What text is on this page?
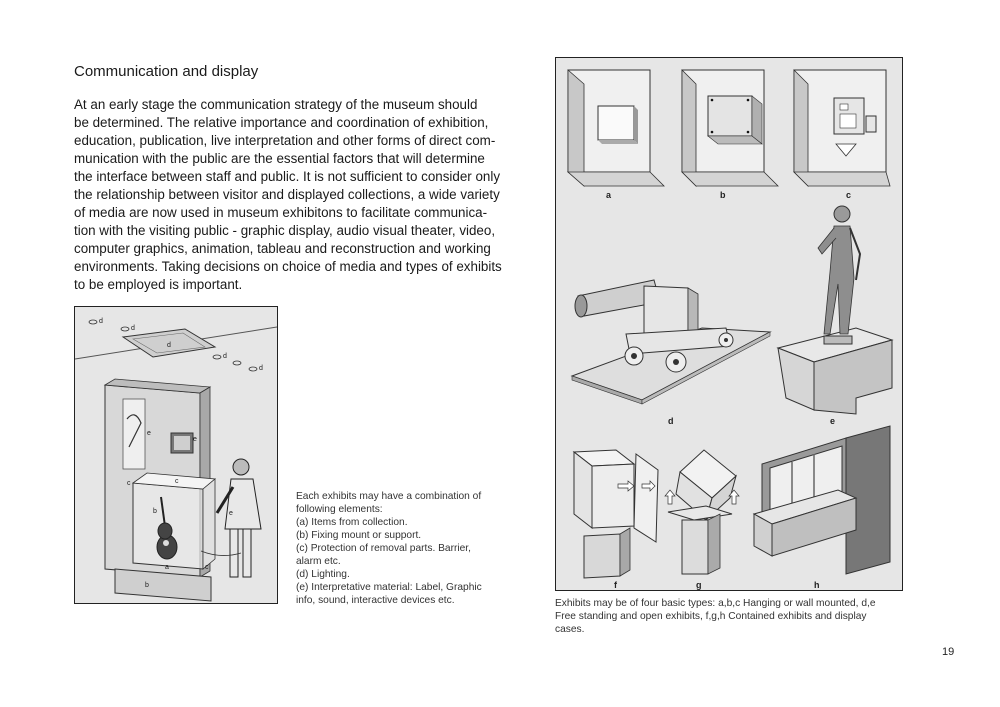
Communication and display

At an early stage the communication strategy of the museum should
be determined. The relative importance and coordination of exhibition,
education, publication, live interpretation and other forms of direct com-
munication with the public are the essential factors that will determine
the interface between staff and public. It is not sufficient to consider only
the relationship between visitor and displayed collections, a wide variety
of media are now used in museum exhibitons to facilitate communica-
tion with the visiting public - graphic display, audio visual theater, video,
computer graphics, animation, tableau and reconstruction and working
environments. Taking decisions on choice of media and types of exhibits
to be employed is important.

d
d
d
d
d
e
e
c	c
b
a
b
e
c

Each exhibits may have a combination of
following elements:
(a) Items from collection.
(b) Fixing mount or support.
(c) Protection of removal parts. Barrier,
alarm etc.
(d) Lighting.
(e) Interpretative material: Label, Graphic
info, sound, interactive devices etc.

a	b	c
d	e
f	g	h

Exhibits may be of four basic types: a,b,c Hanging or wall mounted, d,e
Free standing and open exhibits, f,g,h Contained exhibits and display
cases.

19
